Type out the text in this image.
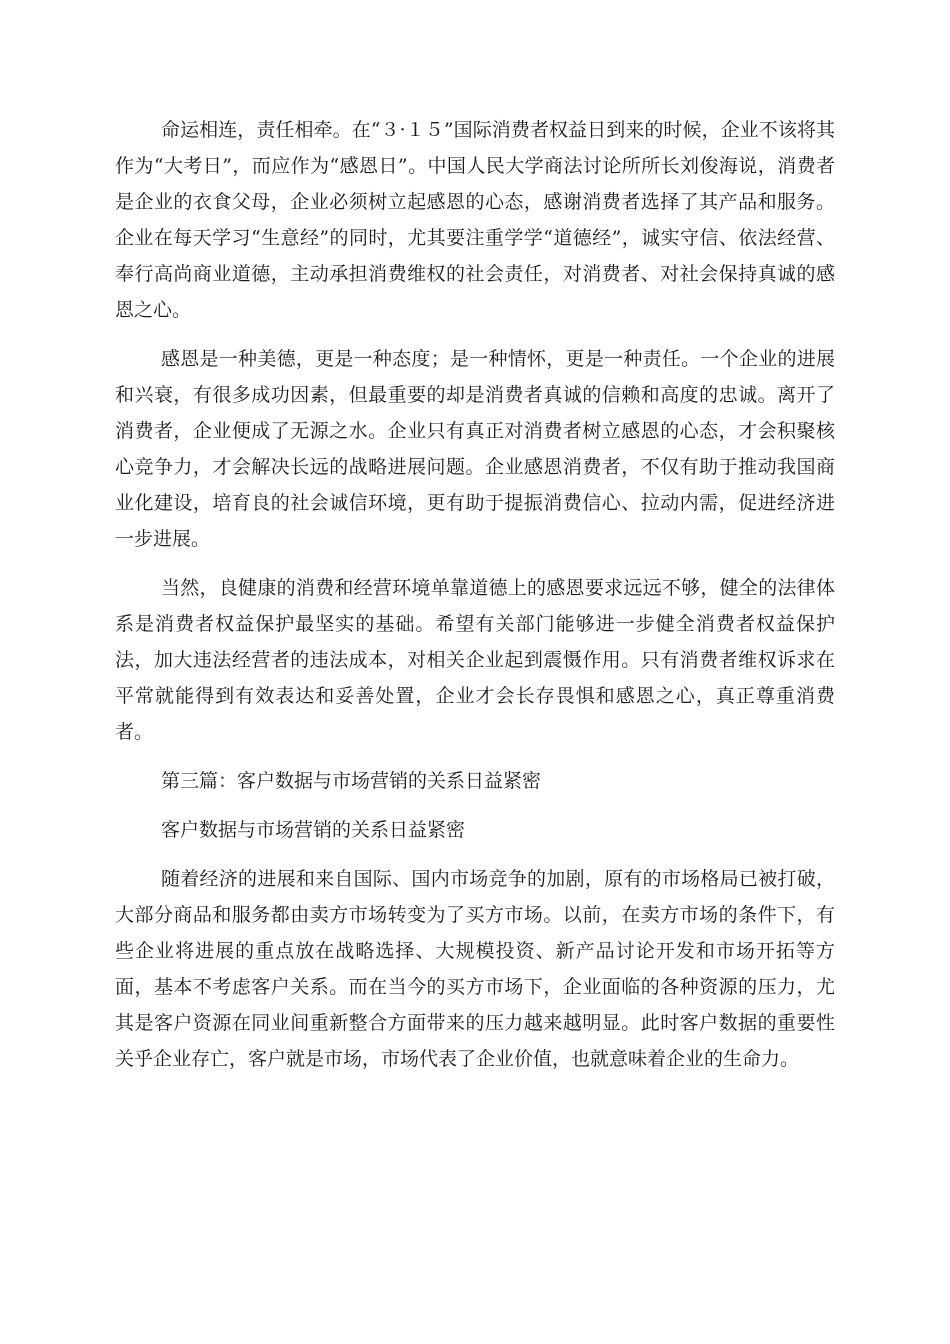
命运相连，责任相牵。在“３·１５”国际消费者权益日到来的时候，企业不该将其作为“大考日”，而应作为“感恩日”。中国人民大学商法讨论所所长刘俊海说，消费者是企业的衣食父母，企业必须树立起感恩的心态，感谢消费者选择了其产品和服务。企业在每天学习“生意经”的同时，尤其要注重学学“道德经”，诚实守信、依法经营、奉行高尚商业道德，主动承担消费维权的社会责任，对消费者、对社会保持真诚的感恩之心。

感恩是一种美德，更是一种态度；是一种情怀，更是一种责任。一个企业的进展和兴衰，有很多成功因素，但最重要的却是消费者真诚的信赖和高度的忠诚。离开了消费者，企业便成了无源之水。企业只有真正对消费者树立感恩的心态，才会积聚核心竞争力，才会解决长远的战略进展问题。企业感恩消费者，不仅有助于推动我国商业化建设，培育良的社会诚信环境，更有助于提振消费信心、拉动内需，促进经济进一步进展。

当然，良健康的消费和经营环境单靠道德上的感恩要求远远不够，健全的法律体系是消费者权益保护最坚实的基础。希望有关部门能够进一步健全消费者权益保护法，加大违法经营者的违法成本，对相关企业起到震慑作用。只有消费者维权诉求在平常就能得到有效表达和妥善处置，企业才会长存畏惧和感恩之心，真正尊重消费者。

第三篇：客户数据与市场营销的关系日益紧密

客户数据与市场营销的关系日益紧密

随着经济的进展和来自国际、国内市场竞争的加剧，原有的市场格局已被打破，大部分商品和服务都由卖方市场转变为了买方市场。以前，在卖方市场的条件下，有些企业将进展的重点放在战略选择、大规模投资、新产品讨论开发和市场开拓等方面，基本不考虑客户关系。而在当今的买方市场下，企业面临的各种资源的压力，尤其是客户资源在同业间重新整合方面带来的压力越来越明显。此时客户数据的重要性关乎企业存亡，客户就是市场，市场代表了企业价值，也就意味着企业的生命力。
